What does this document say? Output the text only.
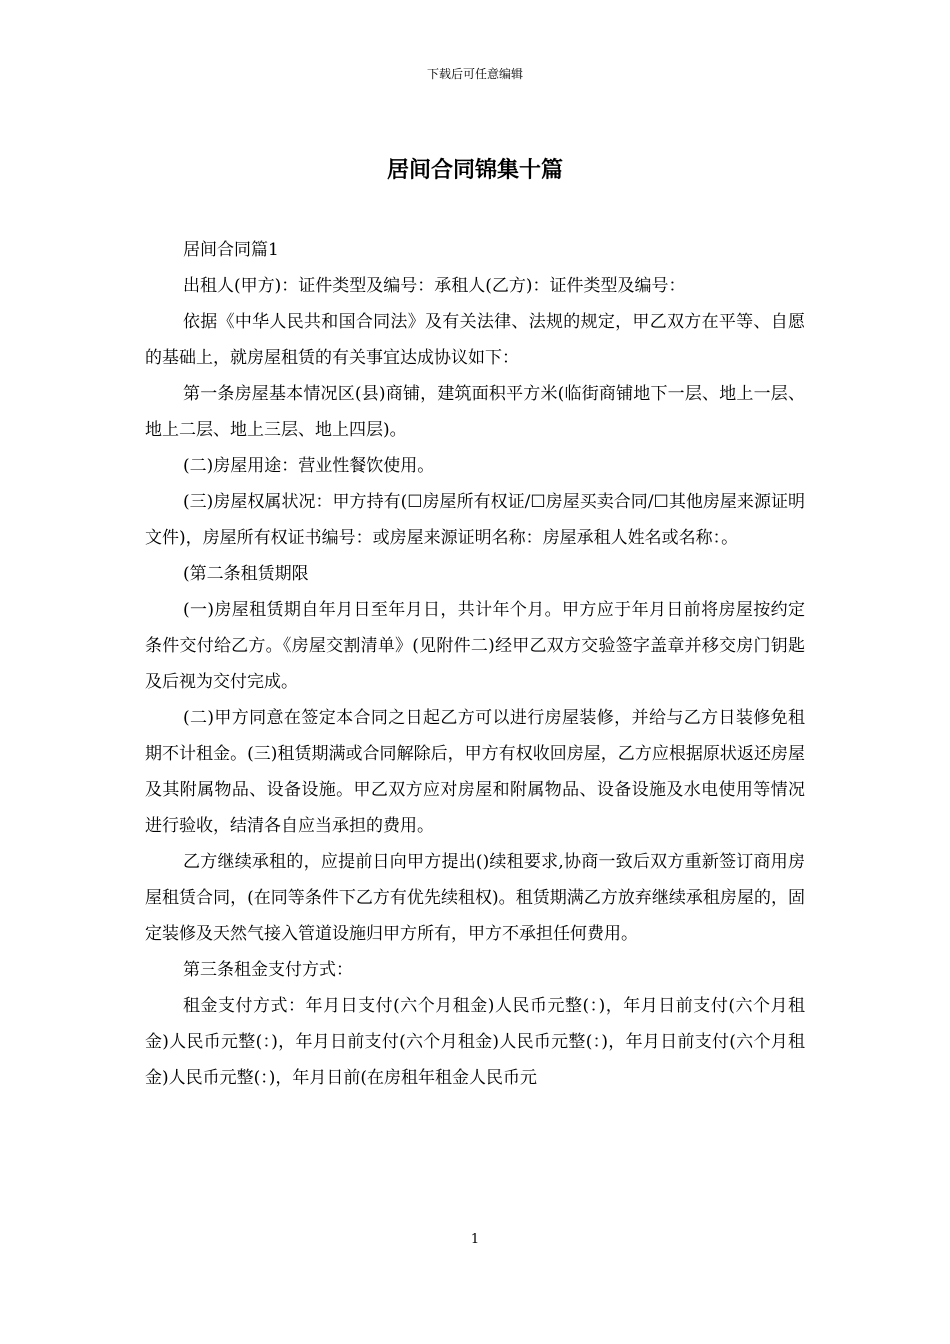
下载后可任意编辑
居间合同锦集十篇

居间合同篇1

出租人(甲方)：证件类型及编号：承租人(乙方)：证件类型及编号：

依据《中华人民共和国合同法》及有关法律、法规的规定，甲乙双方在平等、自愿的基础上，就房屋租赁的有关事宜达成协议如下：

第一条房屋基本情况区(县)商铺，建筑面积平方米(临街商铺地下一层、地上一层、地上二层、地上三层、地上四层)。

(二)房屋用途：营业性餐饮使用。

(三)房屋权属状况：甲方持有(☐房屋所有权证/☐房屋买卖合同/☐其他房屋来源证明文件)，房屋所有权证书编号：或房屋来源证明名称：房屋承租人姓名或名称：。

(第二条租赁期限

(一)房屋租赁期自年月日至年月日，共计年个月。甲方应于年月日前将房屋按约定条件交付给乙方。《房屋交割清单》(见附件二)经甲乙双方交验签字盖章并移交房门钥匙及后视为交付完成。

(二)甲方同意在签定本合同之日起乙方可以进行房屋装修，并给与乙方日装修免租期不计租金。(三)租赁期满或合同解除后，甲方有权收回房屋，乙方应根据原状返还房屋及其附属物品、设备设施。甲乙双方应对房屋和附属物品、设备设施及水电使用等情况进行验收，结清各自应当承担的费用。

乙方继续承租的，应提前日向甲方提出()续租要求,协商一致后双方重新签订商用房屋租赁合同，(在同等条件下乙方有优先续租权)。租赁期满乙方放弃继续承租房屋的，固定装修及天然气接入管道设施归甲方所有，甲方不承担任何费用。

第三条租金支付方式：

租金支付方式：年月日支付(六个月租金)人民币元整(：)，年月日前支付(六个月租金)人民币元整(：)，年月日前支付(六个月租金)人民币元整(：)，年月日前支付(六个月租金)人民币元整(：)，年月日前(在房租年租金人民币元

1
